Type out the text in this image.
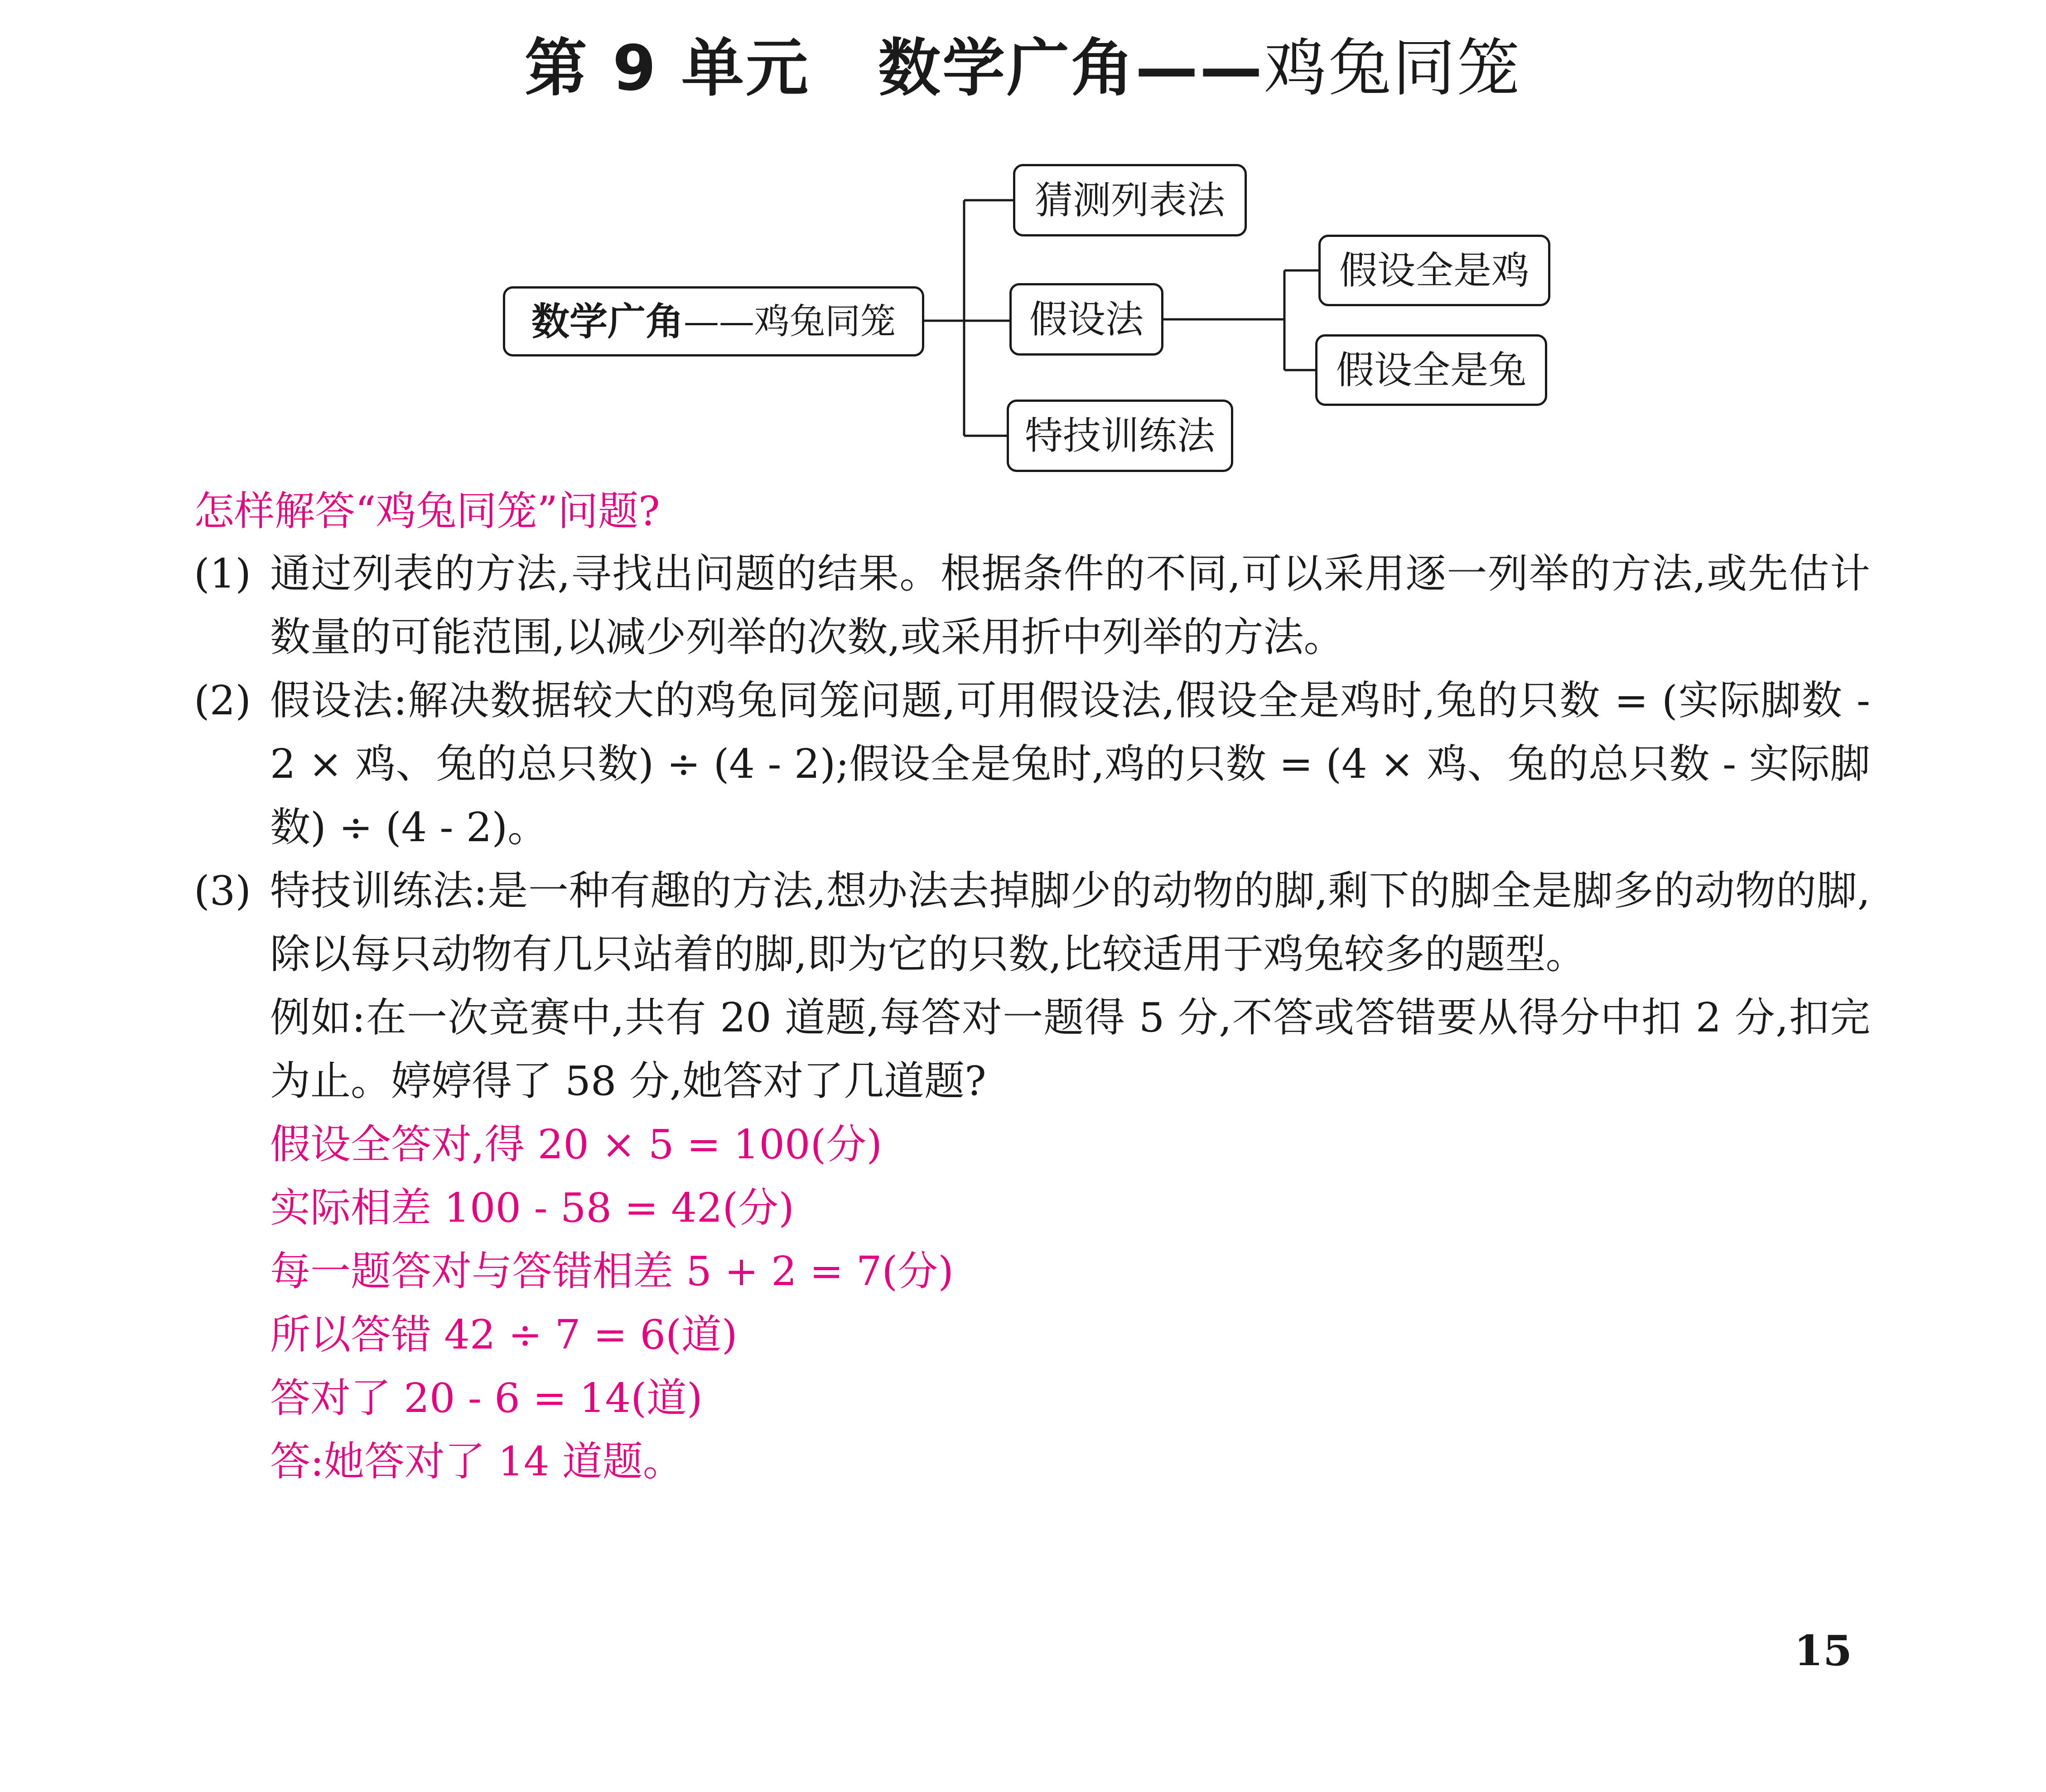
第 9 单元 数学广角——鸡兔同笼
数学广角 —— 鸡兔同笼
猜测列表法
假设法
特技训练法
假设全是鸡
假设全是兔
怎样解答“鸡兔同笼”问题?
(1) 通过列表的方法,寻找出问题的结果。根据条件的不同,可以采用逐一列举的方法,或先估计数量的可能范围,以减少列举的次数,或采用折中列举的方法。
(2) 假设法:解决数据较大的鸡兔同笼问题,可用假设法,假设全是鸡时,兔的只数 = (实际脚数 - 2 × 鸡、兔的总只数) ÷ (4 - 2);假设全是兔时,鸡的只数 = (4 × 鸡、兔的总只数 - 实际脚数) ÷ (4 - 2)。
(3) 特技训练法:是一种有趣的方法,想办法去掉脚少的动物的脚,剩下的脚全是脚多的动物的脚,除以每只动物有几只站着的脚,即为它的只数,比较适用于鸡兔较多的题型。
例如:在一次竞赛中,共有 20 道题,每答对一题得 5 分,不答或答错要从得分中扣 2 分,扣完为止。婷婷得了 58 分,她答对了几道题?
假设全答对,得 20 × 5 = 100(分)
实际相差 100 - 58 = 42(分)
每一题答对与答错相差 5 + 2 = 7(分)
所以答错 42 ÷ 7 = 6(道)
答对了 20 - 6 = 14(道)
答:她答对了 14 道题。
15
